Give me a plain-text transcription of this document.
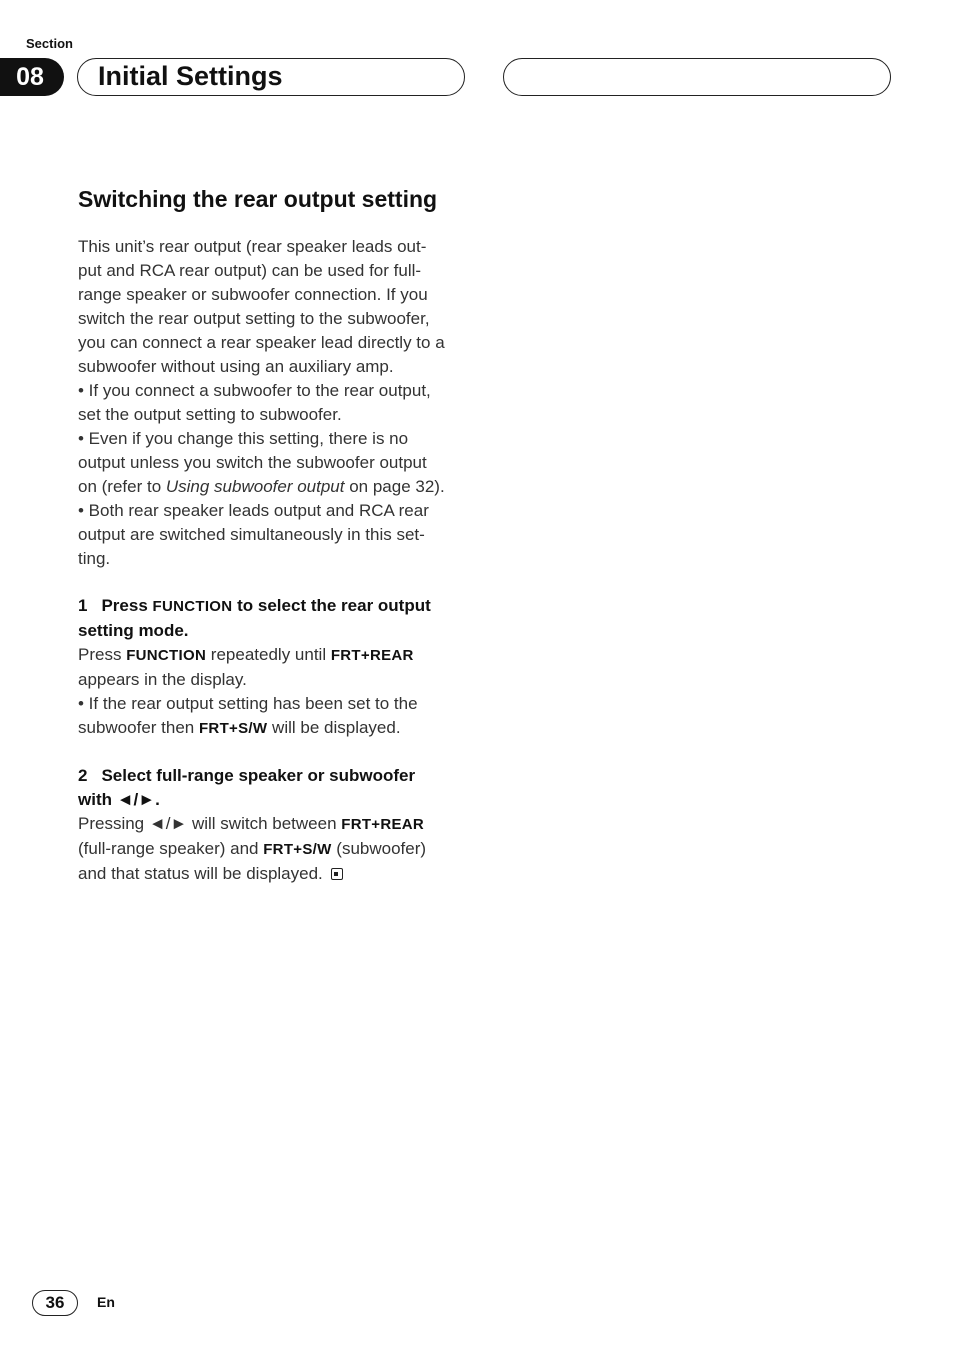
Section
08	Initial Settings
Switching the rear output setting

This unit’s rear output (rear speaker leads out-

put and RCA rear output) can be used for full-

range speaker or subwoofer connection. If you

switch the rear output setting to the subwoofer,

you can connect a rear speaker lead directly to a

subwoofer without using an auxiliary amp.

• If you connect a subwoofer to the rear output,

set the output setting to subwoofer.

• Even if you change this setting, there is no

output unless you switch the subwoofer output

on (refer to Using subwoofer output on page 32).

• Both rear speaker leads output and RCA rear

output are switched simultaneously in this set-

ting.

1 Press FUNCTION to select the rear output

setting mode.

Press FUNCTION repeatedly until FRT+REAR

appears in the display.

• If the rear output setting has been set to the

subwoofer then FRT+S/W will be displayed.

2 Select full-range speaker or subwoofer

with ◄/►.

Pressing ◄/► will switch between FRT+REAR

(full-range speaker) and FRT+S/W (subwoofer)

and that status will be displayed.

36	En
